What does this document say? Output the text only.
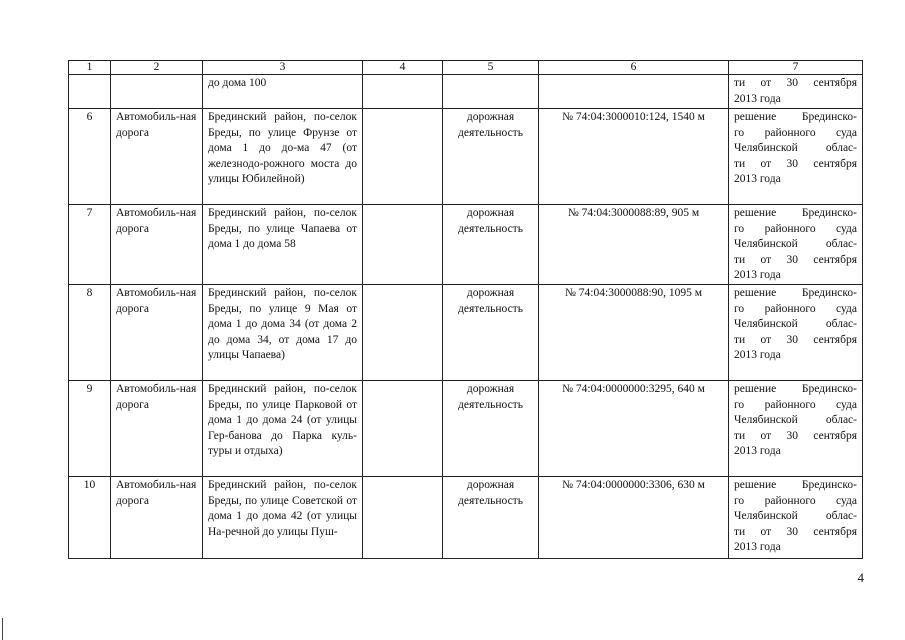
1	2	3	4	5	6	7
		до дома 100				ти от 30 сентября
2013 года

6	Автомобиль-ная дорога	Брединский район, по-селок Бреды, по улице Фрунзе от дома 1 до до-ма 47 (от железнодо-рожного моста до улицы Юбилейной)		дорожная деятельность	№ 74:04:3000010:124, 1540 м	решение Брединско-
го районного суда
Челябинской облас-
ти от 30 сентября
2013 года

7	Автомобиль-ная дорога	Брединский район, по-селок Бреды, по улице Чапаева от дома 1 до дома 58		дорожная деятельность	№ 74:04:3000088:89, 905 м	решение Брединско-
го районного суда
Челябинской облас-
ти от 30 сентября
2013 года

8	Автомобиль-ная дорога	Брединский район, по-селок Бреды, по улице 9 Мая от дома 1 до дома 34 (от дома 2 до дома 34, от дома 17 до улицы Чапаева)		дорожная деятельность	№ 74:04:3000088:90, 1095 м	решение Брединско-
го районного суда
Челябинской облас-
ти от 30 сентября
2013 года

9	Автомобиль-ная дорога	Брединский район, по-селок Бреды, по улице Парковой от дома 1 до дома 24 (от улицы Гер-банова до Парка куль-туры и отдыха)		дорожная деятельность	№ 74:04:0000000:3295, 640 м	решение Брединско-
го районного суда
Челябинской облас-
ти от 30 сентября
2013 года

10	Автомобиль-ная дорога	Брединский район, по-селок Бреды, по улице Советской от дома 1 до дома 42 (от улицы На-речной до улицы Пуш-		дорожная деятельность	№ 74:04:0000000:3306, 630 м	решение Брединско-
го районного суда
Челябинской облас-
ти от 30 сентября
2013 года
4
